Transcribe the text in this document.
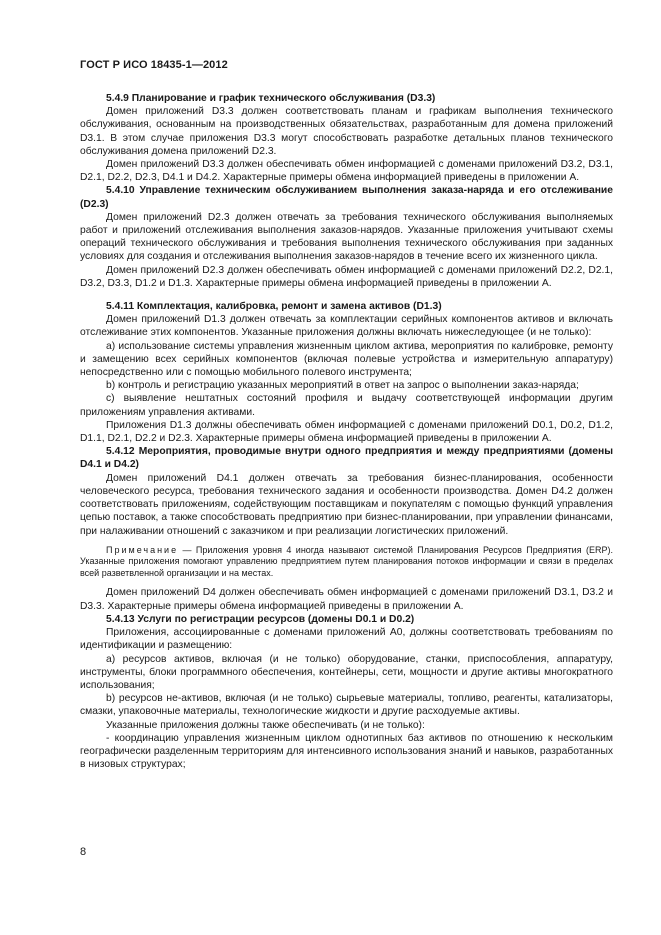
ГОСТ Р ИСО 18435-1—2012

5.4.9 Планирование и график технического обслуживания (D3.3)

Домен приложений D3.3 должен соответствовать планам и графикам выполнения технического обслуживания, основанным на производственных обязательствах, разработанным для домена приложений D3.1. В этом случае приложения D3.3 могут способствовать разработке детальных планов технического обслуживания домена приложений D2.3.

Домен приложений D3.3 должен обеспечивать обмен информацией с доменами приложений D3.2, D3.1, D2.1, D2.2, D2.3, D4.1 и D4.2. Характерные примеры обмена информацией приведены в приложении А.

5.4.10 Управление техническим обслуживанием выполнения заказа-наряда и его отслеживание (D2.3)

Домен приложений D2.3 должен отвечать за требования технического обслуживания выполняемых работ и приложений отслеживания выполнения заказов-нарядов. Указанные приложения учитывают схемы операций технического обслуживания и требования выполнения технического обслуживания при заданных условиях для создания и отслеживания выполнения заказов-нарядов в течение всего их жизненного цикла.

Домен приложений D2.3 должен обеспечивать обмен информацией с доменами приложений D2.2, D2.1, D3.2, D3.3, D1.2 и D1.3. Характерные примеры обмена информацией приведены в приложении А.

5.4.11 Комплектация, калибровка, ремонт и замена активов (D1.3)

Домен приложений D1.3 должен отвечать за комплектации серийных компонентов активов и включать отслеживание этих компонентов. Указанные приложения должны включать нижеследующее (и не только):

а) использование системы управления жизненным циклом актива, мероприятия по калибровке, ремонту и замещению всех серийных компонентов (включая полевые устройства и измерительную аппаратуру) непосредственно или с помощью мобильного полевого инструмента;

b) контроль и регистрацию указанных мероприятий в ответ на запрос о выполнении заказ-наряда;

с) выявление нештатных состояний профиля и выдачу соответствующей информации другим приложениям управления активами.

Приложения D1.3 должны обеспечивать обмен информацией с доменами приложений D0.1, D0.2, D1.2, D1.1, D2.1, D2.2 и D2.3. Характерные примеры обмена информацией приведены в приложении А.

5.4.12 Мероприятия, проводимые внутри одного предприятия и между предприятиями (домены D4.1 и D4.2)

Домен приложений D4.1 должен отвечать за требования бизнес-планирования, особенности человеческого ресурса, требования технического задания и особенности производства. Домен D4.2 должен соответствовать приложениям, содействующим поставщикам и покупателям с помощью функций управления цепью поставок, а также способствовать предприятию при бизнес-планировании, при управлении финансами, при налаживании отношений с заказчиком и при реализации логистических приложений.

Примечание — Приложения уровня 4 иногда называют системой Планирования Ресурсов Предприятия (ERP). Указанные приложения помогают управлению предприятием путем планирования потоков информации и связи в пределах всей разветвленной организации и на местах.

Домен приложений D4 должен обеспечивать обмен информацией с доменами приложений D3.1, D3.2 и D3.3. Характерные примеры обмена информацией приведены в приложении А.

5.4.13 Услуги по регистрации ресурсов (домены D0.1 и D0.2)

Приложения, ассоциированные с доменами приложений А0, должны соответствовать требованиям по идентификации и размещению:

а) ресурсов активов, включая (и не только) оборудование, станки, приспособления, аппаратуру, инструменты, блоки программного обеспечения, контейнеры, сети, мощности и другие активы многократного использования;

b) ресурсов не-активов, включая (и не только) сырьевые материалы, топливо, реагенты, катализаторы, смазки, упаковочные материалы, технологические жидкости и другие расходуемые активы.

Указанные приложения должны также обеспечивать (и не только):

- координацию управления жизненным циклом однотипных баз активов по отношению к нескольким географически разделенным территориям для интенсивного использования знаний и навыков, разработанных в низовых структурах;

8
